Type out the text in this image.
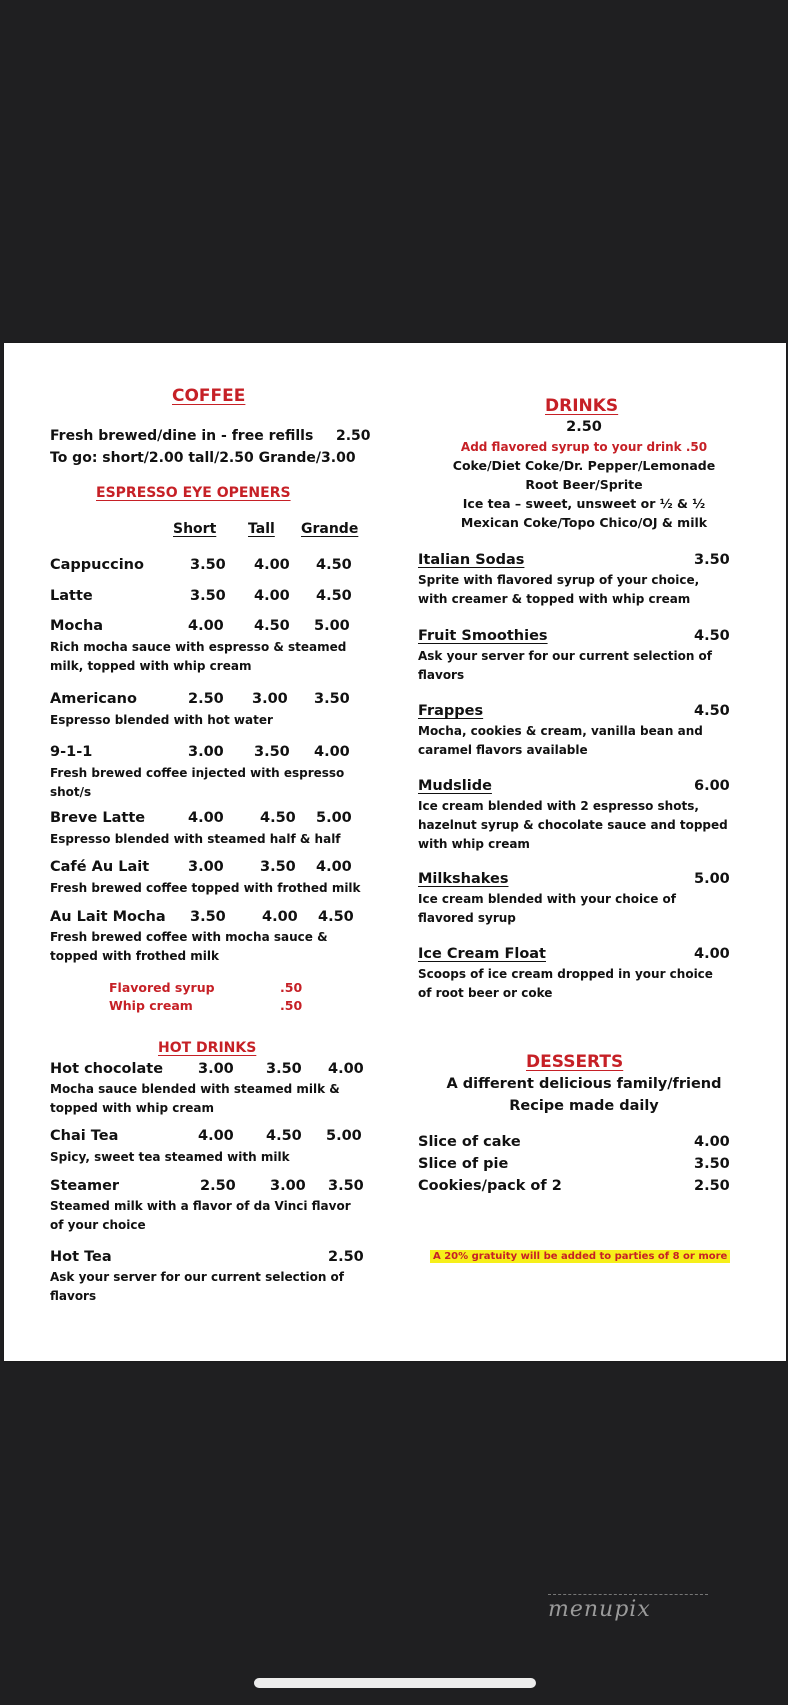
COFFEE
Fresh brewed/dine in - free refills 2.50
To go: short/2.00 tall/2.50 Grande/3.00
ESPRESSO EYE OPENERS
Short Tall Grande
Cappuccino	3.50 4.00 4.50
Latte	3.50 4.00 4.50
Mocha	4.00 4.50 5.00
Rich mocha sauce with espresso & steamed
milk, topped with whip cream
Americano	2.50 3.00 3.50
Espresso blended with hot water
9-1-1	3.00 3.50 4.00
Fresh brewed coffee injected with espresso
shot/s
Breve Latte	4.00 4.50 5.00
Espresso blended with steamed half & half
Café Au Lait	3.00 3.50 4.00
Fresh brewed coffee topped with frothed milk
Au Lait Mocha 3.50 4.00 4.50
Fresh brewed coffee with mocha sauce &
topped with frothed milk
Flavored syrup	.50
Whip cream	.50
HOT DRINKS
Hot chocolate 3.00 3.50 4.00
Mocha sauce blended with steamed milk &
topped with whip cream
Chai Tea	4.00 4.50 5.00
Spicy, sweet tea steamed with milk
Steamer	2.50 3.00 3.50
Steamed milk with a flavor of da Vinci flavor
of your choice
Hot Tea	2.50
Ask your server for our current selection of
flavors
DRINKS
2.50
Add flavored syrup to your drink .50
Coke/Diet Coke/Dr. Pepper/Lemonade
Root Beer/Sprite
Ice tea – sweet, unsweet or ½ & ½
Mexican Coke/Topo Chico/OJ & milk
Italian Sodas	3.50
Sprite with flavored syrup of your choice,
with creamer & topped with whip cream
Fruit Smoothies	4.50
Ask your server for our current selection of
flavors
Frappes	4.50
Mocha, cookies & cream, vanilla bean and
caramel flavors available
Mudslide	6.00
Ice cream blended with 2 espresso shots,
hazelnut syrup & chocolate sauce and topped
with whip cream
Milkshakes	5.00
Ice cream blended with your choice of
flavored syrup
Ice Cream Float	4.00
Scoops of ice cream dropped in your choice
of root beer or coke
DESSERTS
A different delicious family/friend
Recipe made daily
Slice of cake	4.00
Slice of pie	3.50
Cookies/pack of 2	2.50
A 20% gratuity will be added to parties of 8 or more
menupix
